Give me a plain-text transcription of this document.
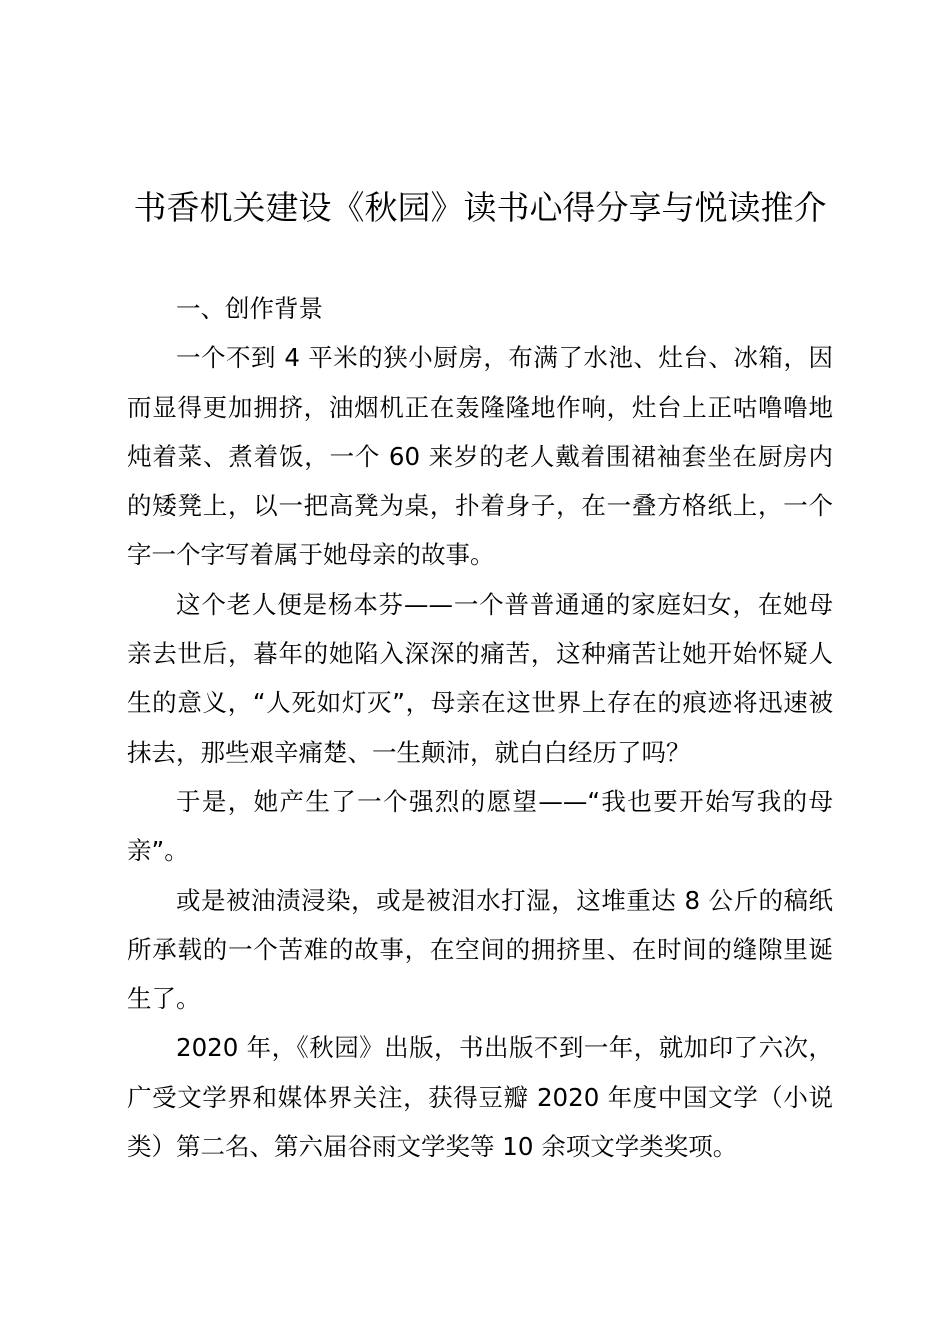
书香机关建设《秋园》读书心得分享与悦读推介

一、创作背景

一个不到 4 平米的狭小厨房，布满了水池、灶台、冰箱，因而显得更加拥挤，油烟机正在轰隆隆地作响，灶台上正咕噜噜地炖着菜、煮着饭，一个 60 来岁的老人戴着围裙袖套坐在厨房内的矮凳上，以一把高凳为桌，扑着身子，在一叠方格纸上，一个字一个字写着属于她母亲的故事。

这个老人便是杨本芬——一个普普通通的家庭妇女，在她母亲去世后，暮年的她陷入深深的痛苦，这种痛苦让她开始怀疑人生的意义，“人死如灯灭”，母亲在这世界上存在的痕迹将迅速被抹去，那些艰辛痛楚、一生颠沛，就白白经历了吗？

于是，她产生了一个强烈的愿望——“我也要开始写我的母亲”。

或是被油渍浸染，或是被泪水打湿，这堆重达 8 公斤的稿纸所承载的一个苦难的故事，在空间的拥挤里、在时间的缝隙里诞生了。

2020 年，《秋园》出版，书出版不到一年，就加印了六次，广受文学界和媒体界关注，获得豆瓣 2020 年度中国文学（小说类）第二名、第六届谷雨文学奖等 10 余项文学类奖项。
